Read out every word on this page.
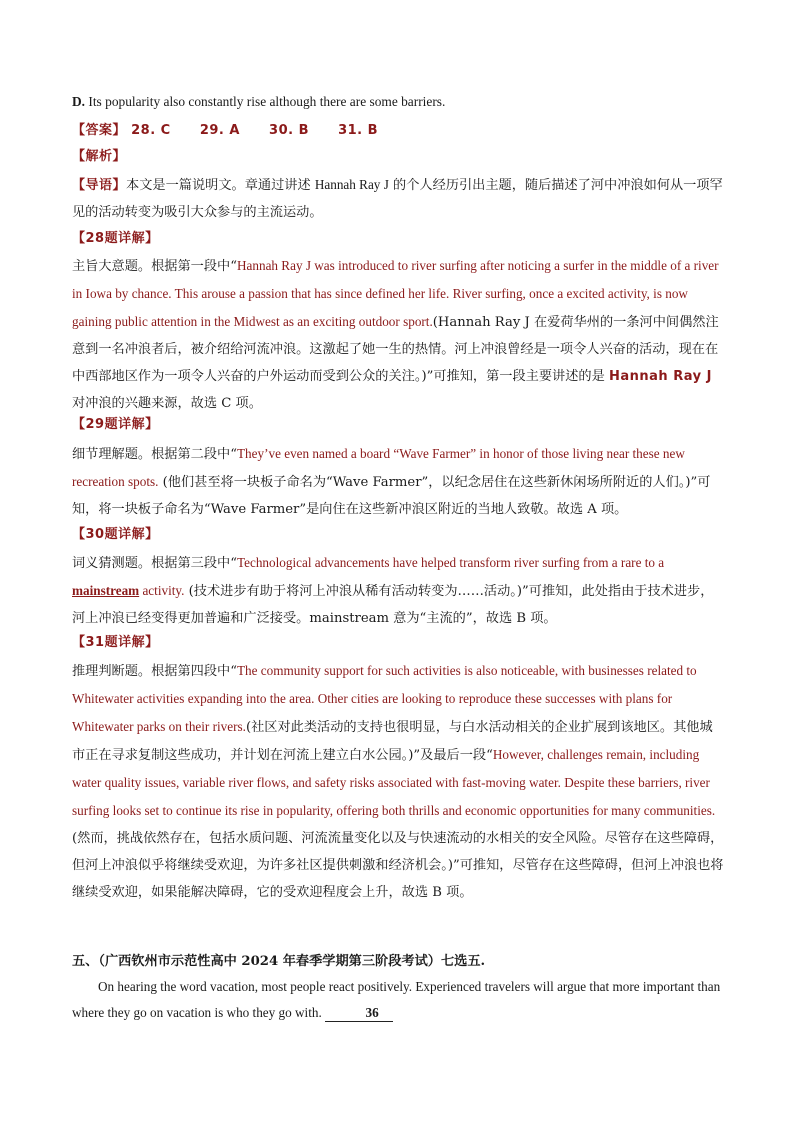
D. Its popularity also constantly rise although there are some barriers.

【答案】 28. C 29. A 30. B 31. B

【解析】

【导语】本文是一篇说明文。章通过讲述 Hannah Ray J 的个人经历引出主题，随后描述了河中冲浪如何从一项罕见的活动转变为吸引大众参与的主流运动。

【28题详解】

主旨大意题。根据第一段中“Hannah Ray J was introduced to river surfing after noticing a surfer in the middle of a river in Iowa by chance. This arouse a passion that has since defined her life. River surfing, once a excited activity, is now gaining public attention in the Midwest as an exciting outdoor sport.(Hannah Ray J 在爱荷华州的一条河中间偶然注意到一名冲浪者后，被介绍给河流冲浪。这激起了她一生的热情。河上冲浪曾经是一项令人兴奋的活动，现在在中西部地区作为一项令人兴奋的户外运动而受到公众的关注。)”可推知，第一段主要讲述的是 Hannah Ray J 对冲浪的兴趣来源，故选 C 项。

【29题详解】

细节理解题。根据第二段中“They’ve even named a board “Wave Farmer” in honor of those living near these new recreation spots. (他们甚至将一块板子命名为“Wave Farmer”，以纪念居住在这些新休闲场所附近的人们。)”可知，将一块板子命名为“Wave Farmer”是向住在这些新冲浪区附近的当地人致敬。故选 A 项。

【30题详解】

词义猜测题。根据第三段中“Technological advancements have helped transform river surfing from a rare to a mainstream activity. (技术进步有助于将河上冲浪从稀有活动转变为……活动。)”可推知，此处指由于技术进步，河上冲浪已经变得更加普遍和广泛接受。mainstream 意为“主流的”，故选 B 项。

【31题详解】

推理判断题。根据第四段中“The community support for such activities is also noticeable, with businesses related to Whitewater activities expanding into the area. Other cities are looking to reproduce these successes with plans for Whitewater parks on their rivers.(社区对此类活动的支持也很明显，与白水活动相关的企业扩展到该地区。其他城市正在寻求复制这些成功，并计划在河流上建立白水公园。)”及最后一段“However, challenges remain, including water quality issues, variable river flows, and safety risks associated with fast-moving water. Despite these barriers, river surfing looks set to continue its rise in popularity, offering both thrills and economic opportunities for many communities. (然而，挑战依然存在，包括水质问题、河流流量变化以及与快速流动的水相关的安全风险。尽管存在这些障碍，但河上冲浪似乎将继续受欢迎，为许多社区提供刺激和经济机会。)”可推知，尽管存在这些障碍，但河上冲浪也将继续受欢迎，如果能解决障碍，它的受欢迎程度会上升，故选 B 项。

五、（广西钦州市示范性高中 2024 年春季学期第三阶段考试）七选五.

On hearing the word vacation, most people react positively. Experienced travelers will argue that more important than where they go on vacation is who they go with.	36
